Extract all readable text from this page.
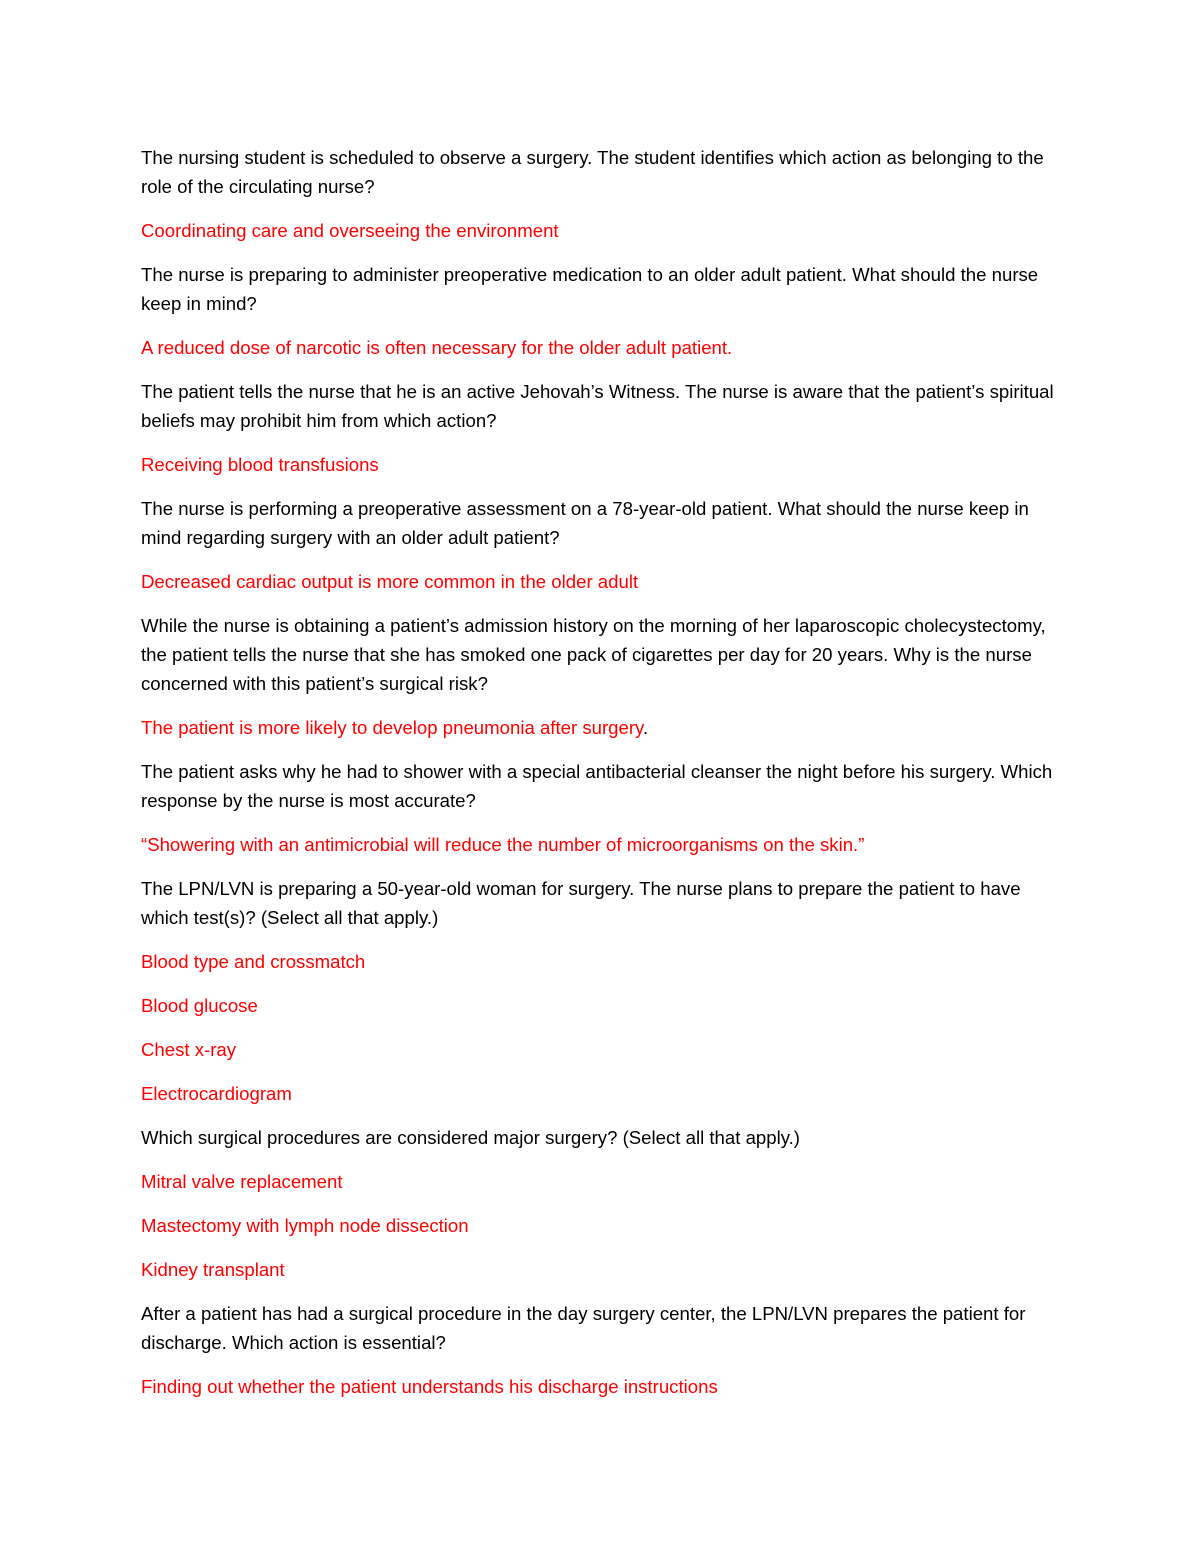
The nursing student is scheduled to observe a surgery. The student identifies which action as belonging to the role of the circulating nurse?

Coordinating care and overseeing the environment

The nurse is preparing to administer preoperative medication to an older adult patient. What should the nurse keep in mind?

A reduced dose of narcotic is often necessary for the older adult patient.

The patient tells the nurse that he is an active Jehovah’s Witness. The nurse is aware that the patient’s spiritual beliefs may prohibit him from which action?

Receiving blood transfusions

The nurse is performing a preoperative assessment on a 78-year-old patient. What should the nurse keep in mind regarding surgery with an older adult patient?

Decreased cardiac output is more common in the older adult

While the nurse is obtaining a patient’s admission history on the morning of her laparoscopic cholecystectomy, the patient tells the nurse that she has smoked one pack of cigarettes per day for 20 years. Why is the nurse concerned with this patient’s surgical risk?

The patient is more likely to develop pneumonia after surgery.

The patient asks why he had to shower with a special antibacterial cleanser the night before his surgery. Which response by the nurse is most accurate?

“Showering with an antimicrobial will reduce the number of microorganisms on the skin.”

The LPN/LVN is preparing a 50-year-old woman for surgery. The nurse plans to prepare the patient to have which test(s)? (Select all that apply.)

Blood type and crossmatch

Blood glucose

Chest x-ray

Electrocardiogram

Which surgical procedures are considered major surgery? (Select all that apply.)

Mitral valve replacement

Mastectomy with lymph node dissection

Kidney transplant

After a patient has had a surgical procedure in the day surgery center, the LPN/LVN prepares the patient for discharge. Which action is essential?

Finding out whether the patient understands his discharge instructions
